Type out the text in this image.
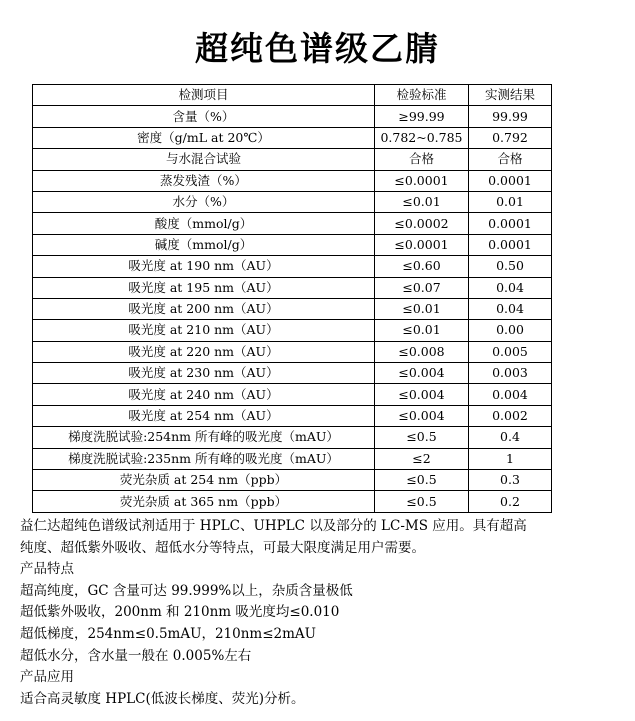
超纯色谱级乙腈
检测项目	检验标准	实测结果
含量（%）	≥99.99	99.99
密度（g/mL at 20℃）	0.782~0.785	0.792
与水混合试验	合格	合格
蒸发残渣（%）	≤0.0001	0.0001
水分（%）	≤0.01	0.01
酸度（mmol/g）	≤0.0002	0.0001
碱度（mmol/g）	≤0.0001	0.0001
吸光度 at 190 nm（AU）	≤0.60	0.50
吸光度 at 195 nm（AU）	≤0.07	0.04
吸光度 at 200 nm（AU）	≤0.01	0.04
吸光度 at 210 nm（AU）	≤0.01	0.00
吸光度 at 220 nm（AU）	≤0.008	0.005
吸光度 at 230 nm（AU）	≤0.004	0.003
吸光度 at 240 nm（AU）	≤0.004	0.004
吸光度 at 254 nm（AU）	≤0.004	0.002
梯度洗脱试验:254nm 所有峰的吸光度（mAU）	≤0.5	0.4
梯度洗脱试验:235nm 所有峰的吸光度（mAU）	≤2	1
荧光杂质 at 254 nm（ppb）	≤0.5	0.3
荧光杂质 at 365 nm（ppb）	≤0.5	0.2

益仁达超纯色谱级试剂适用于 HPLC、UHPLC 以及部分的 LC-MS 应用。具有超高

纯度、超低紫外吸收、超低水分等特点，可最大限度满足用户需要。

产品特点

超高纯度，GC 含量可达 99.999%以上，杂质含量极低

超低紫外吸收，200nm 和 210nm 吸光度均≤0.010

超低梯度，254nm≤0.5mAU，210nm≤2mAU

超低水分，含水量一般在 0.005%左右

产品应用

适合高灵敏度 HPLC(低波长梯度、荧光)分析。
